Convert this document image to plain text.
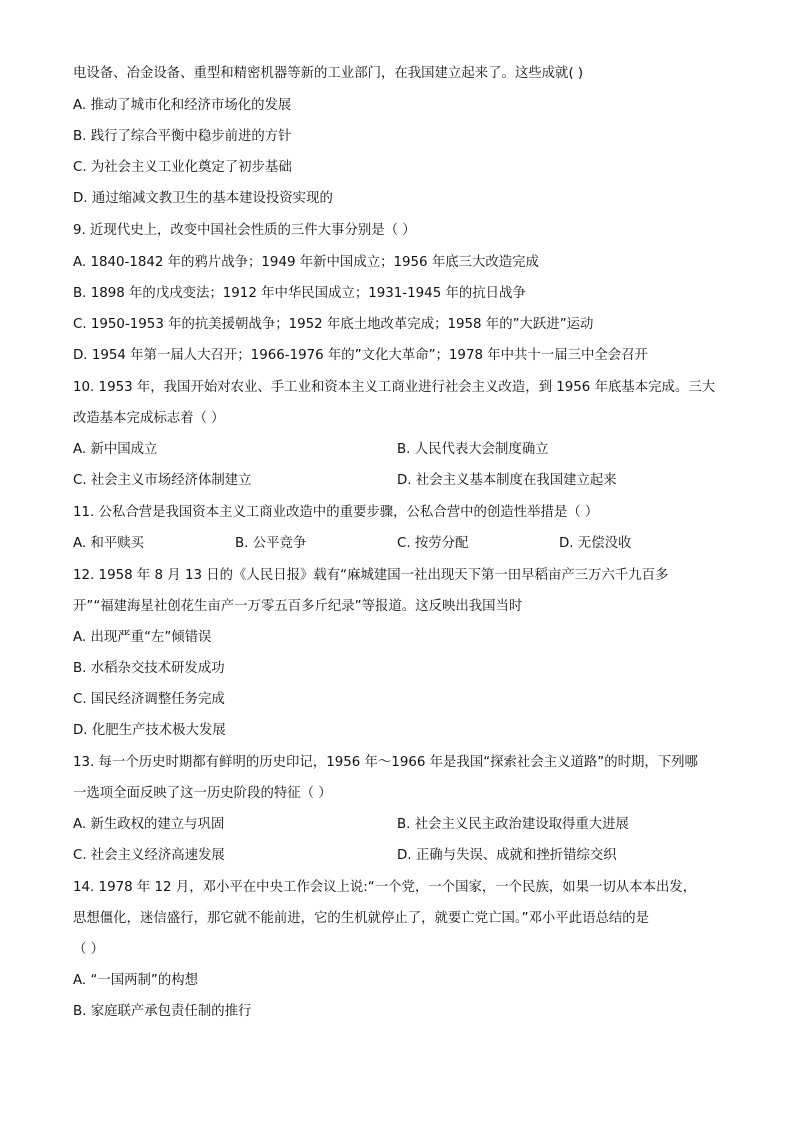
电设备、冶金设备、重型和精密机器等新的工业部门，在我国建立起来了。这些成就( )
A. 推动了城市化和经济市场化的发展
B. 践行了综合平衡中稳步前进的方针
C. 为社会主义工业化奠定了初步基础
D. 通过缩减文教卫生的基本建设投资实现的
9. 近现代史上，改变中国社会性质的三件大事分别是（ ）
A. 1840-1842 年的鸦片战争；1949 年新中国成立；1956 年底三大改造完成
B. 1898 年的戊戌变法；1912 年中华民国成立；1931-1945 年的抗日战争
C. 1950-1953 年的抗美援朝战争；1952 年底土地改革完成；1958 年的”大跃进”运动
D. 1954 年第一届人大召开；1966-1976 年的”文化大革命”；1978 年中共十一届三中全会召开
10. 1953 年，我国开始对农业、手工业和资本主义工商业进行社会主义改造，到 1956 年底基本完成。三大
改造基本完成标志着（ ）
A. 新中国成立	B. 人民代表大会制度确立
C. 社会主义市场经济体制建立	D. 社会主义基本制度在我国建立起来
11. 公私合营是我国资本主义工商业改造中的重要步骤，公私合营中的创造性举措是（ ）
A. 和平赎买	B. 公平竞争	C. 按劳分配	D. 无偿没收
12. 1958 年 8 月 13 日的《人民日报》载有“麻城建国一社出现天下第一田早稻亩产三万六千九百多
开”“福建海星社创花生亩产一万零五百多斤纪录”等报道。这反映出我国当时
A. 出现严重“左”倾错误
B. 水稻杂交技术研发成功
C. 国民经济调整任务完成
D. 化肥生产技术极大发展
13. 每一个历史时期都有鲜明的历史印记，1956 年～1966 年是我国“探索社会主义道路”的时期，下列哪
一选项全面反映了这一历史阶段的特征（ ）
A. 新生政权的建立与巩固	B. 社会主义民主政治建设取得重大进展
C. 社会主义经济高速发展	D. 正确与失误、成就和挫折错综交织
14. 1978 年 12 月，邓小平在中央工作会议上说:“一个党，一个国家，一个民族，如果一切从本本出发，
思想僵化，迷信盛行，那它就不能前进，它的生机就停止了，就要亡党亡国。”邓小平此语总结的是
（ ）
A. “一国两制”的构想
B. 家庭联产承包责任制的推行
